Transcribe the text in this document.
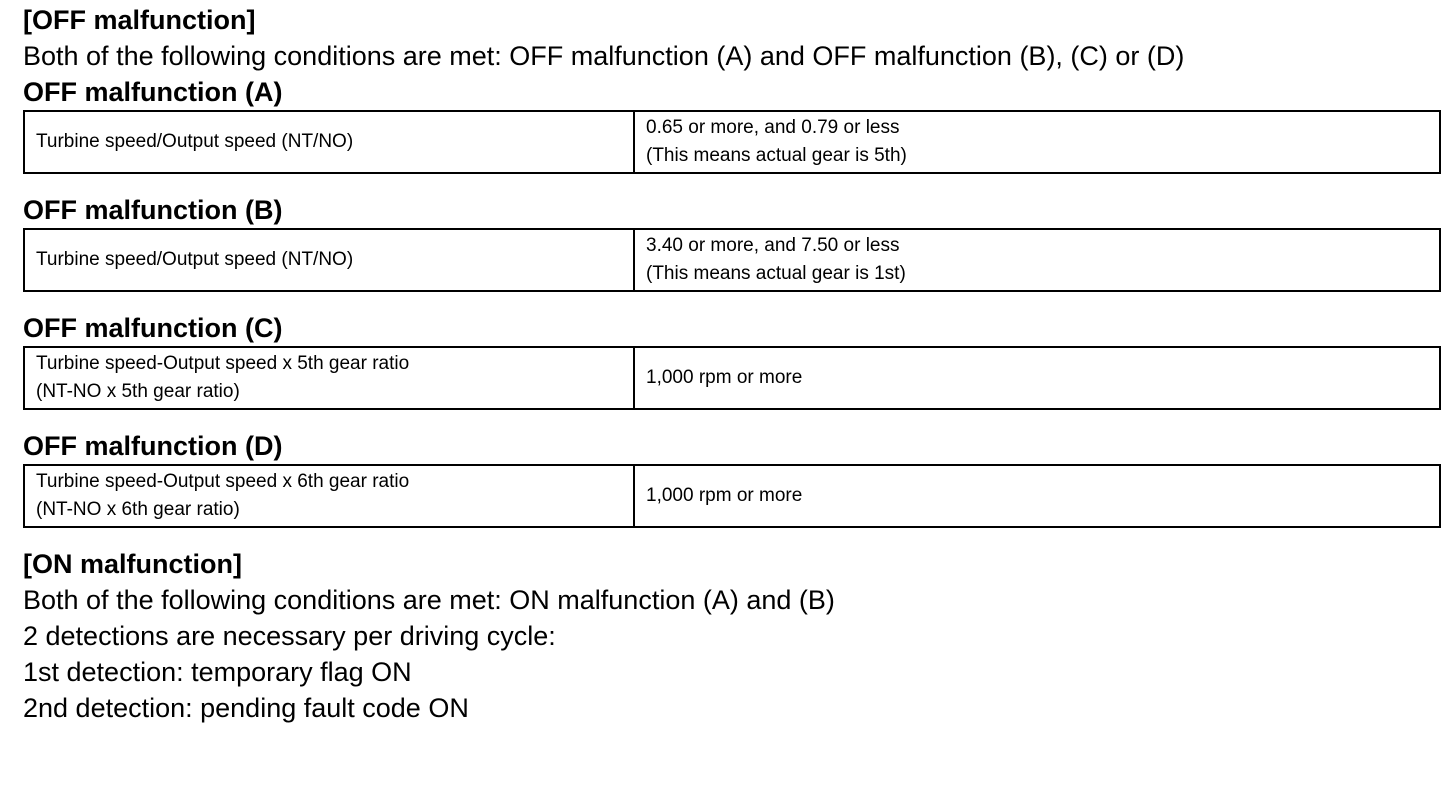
[OFF malfunction]

Both of the following conditions are met: OFF malfunction (A) and OFF malfunction (B), (C) or (D)

OFF malfunction (A)
Turbine speed/Output speed (NT/NO)	0.65 or more, and 0.79 or less
(This means actual gear is 5th)
OFF malfunction (B)
Turbine speed/Output speed (NT/NO)	3.40 or more, and 7.50 or less
(This means actual gear is 1st)
OFF malfunction (C)
Turbine speed-Output speed x 5th gear ratio
(NT-NO x 5th gear ratio)	1,000 rpm or more
OFF malfunction (D)
Turbine speed-Output speed x 6th gear ratio
(NT-NO x 6th gear ratio)	1,000 rpm or more
[ON malfunction]

Both of the following conditions are met: ON malfunction (A) and (B)

2 detections are necessary per driving cycle:

1st detection: temporary flag ON

2nd detection: pending fault code ON
